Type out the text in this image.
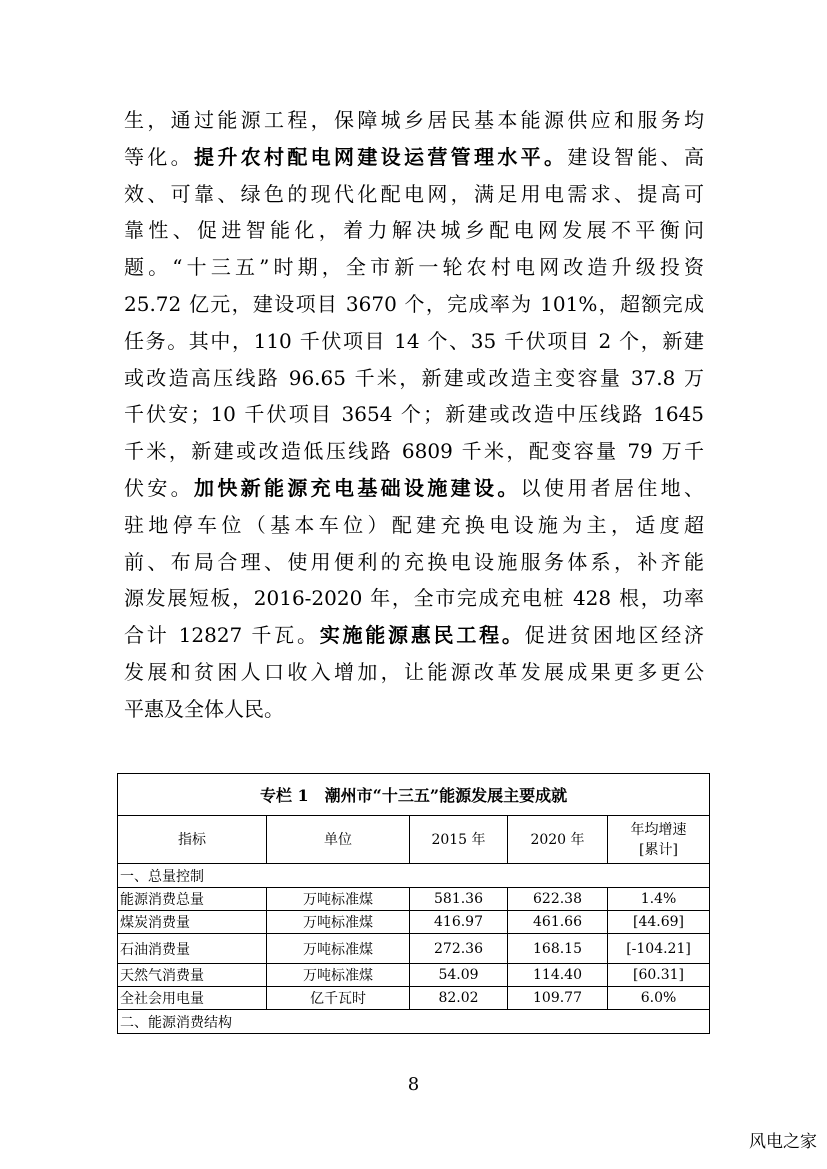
生，通过能源工程，保障城乡居民基本能源供应和服务均
等化。提升农村配电网建设运营管理水平。建设智能、高
效、可靠、绿色的现代化配电网，满足用电需求、提高可
靠性、促进智能化，着力解决城乡配电网发展不平衡问
题。“十三五”时期，全市新一轮农村电网改造升级投资
25.72 亿元，建设项目 3670 个，完成率为 101%，超额完成
任务。其中，110 千伏项目 14 个、35 千伏项目 2 个，新建
或改造高压线路 96.65 千米，新建或改造主变容量 37.8 万
千伏安；10 千伏项目 3654 个；新建或改造中压线路 1645
千米，新建或改造低压线路 6809 千米，配变容量 79 万千
伏安。加快新能源充电基础设施建设。以使用者居住地、
驻地停车位（基本车位）配建充换电设施为主，适度超
前、布局合理、使用便利的充换电设施服务体系，补齐能
源发展短板，2016-2020 年，全市完成充电桩 428 根，功率
合计 12827 千瓦。实施能源惠民工程。促进贫困地区经济
发展和贫困人口收入增加，让能源改革发展成果更多更公
平惠及全体人民。
专栏 1　潮州市“十三五”能源发展主要成就				
指标	单位	2015 年	2020 年	年均增速 [累计]
一、总量控制				
能源消费总量	万吨标准煤	581.36	622.38	1.4%
煤炭消费量	万吨标准煤	416.97	461.66	[44.69]
石油消费量	万吨标准煤	272.36	168.15	[-104.21]
天然气消费量	万吨标准煤	54.09	114.40	[60.31]
全社会用电量	亿千瓦时	82.02	109.77	6.0%
二、能源消费结构				
8
风电之家
